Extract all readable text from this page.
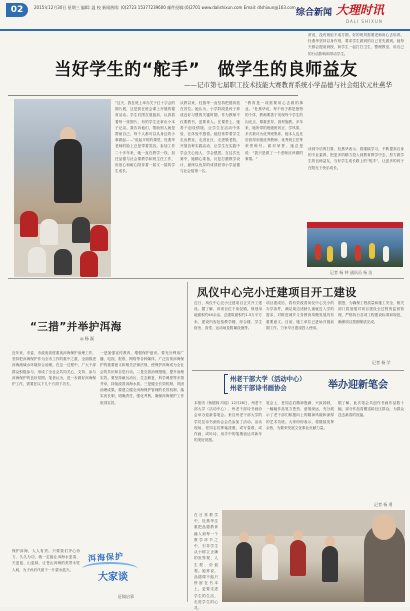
02	2015年12月30日 星期三 编辑: 温 校 新闻热线: (0)2723 15377239600 邮件投稿:(0)2701 www.dalishixun.com Email: dlshixun@163.com
综合新闻 大理时讯
DALI SHIXUN
当好学生的“舵手”　做学生的良师益友
——记市第七届职工技术技能大赛教育系统小学品德与社会组状元杜燕华
“这天，我在班上举办关于红十字会的图片展，这是我在班会课上开展的德育活动。学生们围在展板前，认真看着每一张图片，有的学生还拿出小本子记录。我告诉他们，帮助别人就是帮助自己，每个人都可以从身边的小事做起……”说起平时的课堂，杜燕华老师的脸上总是带着笑容。参加工作二十多年来，她一直在教学一线，担任品德与社会课教学和班主任工作，用爱心和耐心陪伴着一届又一届的学生成长。
从教以来，杜燕华一直坚持把德育放在首位。她认为，小学阶段是孩子养成良好习惯的关键时期，作为教师不仅要教书，更要育人。在课堂上，她善于创设情境，让学生在活动中体验、在体验中感悟。她经常带着学生走出教室，走进社区、走进敬老院，开展各种实践活动，让学生在实践中学会关心他人、学会感恩。在这次比赛中，她精心准备，反复打磨教学设计，最终以优异的成绩获得小学品德与社会组第一名。
“教育是一项需要用心去做的事业。”杜燕华说，每个孩子都是独特的个体，教师要善于发现每个学生的闪光点，尊重差异，因材施教。多年来，她所带的班级班风正、学风浓，多次被评为优秀班集体，她本人也先后获得市级优秀教师、优秀班主任等荣誉称号。面对荣誉，她总是说：“我只是做了一个老师应该做的事情。”
常说，没有规矩不成方圆，好的班风需要老师用心去培养。杜燕华坚持以身作则，要求学生做到的自己首先做到。她每天都会提前到校，和学生一起打扫卫生、整理教室，用自己的行动影响和带动学生。
谈到今后的打算，杜燕华表示，将继续学习，不断提高自身的专业素养，把更多的精力投入到教育教学中去，努力做学生的良师益友，当好学生成长路上的“舵手”，让更多的孩子在阳光下快乐成长。
记者 杨 钟 通讯员 杨 洁
“三措”并举护洱海
◎ 杨 磊
近年来，市委、市政府高度重视洱海保护治理工作，坚持把洱海保护作为全市工作的重中之重，全面推进洱海流域水环境综合治理。在这一过程中，广大干部群众积极参与，形成了全社会共同关心、支持、参与洱海保护的良好氛围。笔者认为，进一步做好洱海保护工作，需要在以下几个方面下功夫。
一是加强宣传教育，增强保护意识。要充分利用广播、电视、报纸、网络等各种媒体，广泛宣传洱海保护的重要意义和相关法律法规，使保护洱海成为全社会的共识和自觉行动。二是完善治理措施，提升治理实效。要坚持截污治污、生态修复、科学调度等多措并举，持续改善洱海水质。三是健全长效机制，巩固治理成果。要建立健全洱海保护管理的长效机制，落实河长制，明确责任，强化考核，确保洱海保护工作取得实效。
保护洱海，人人有责。只要我们齐心协力、久久为功，就一定能让洱海水更清、天更蓝、山更绿，让苍山洱海的美景永驻人间，为子孙后代留下一片碧水蓝天。
洱海保护
大家谈
征稿启事
凤仪中心完小迁建项目开工建设
近日，凤仪中心完小迁建项目正式开工建设。据了解，该项目位于凤仪镇，规划用地面积约40余亩，总建筑面积约1.5万平方米，建设内容包括教学楼、综合楼、学生宿舍、食堂、运动场及附属设施等。
项目建成后，将有效改善凤仪中心完小的办学条件，满足周边适龄儿童就近入学的需求，对推进城乡义务教育均衡发展具有重要意义。目前，施工单位已进场开展前期工作，力争早日建成投入使用。
据悉，为确保工程质量和施工安全，相关部门将加强对项目建设全过程的监督管理，严格执行各项工程建设标准和规范，确保项目按期保质完成。
记者 杨 学
州老干部大学（活动中心）
州老干部诗书画协会	举办迎新笔会
本报讯（杨德林 冯瑶）12月28日，州老干部大学（活动中心）、州老干部诗书画协会举办迎新春笔会。来自州老干部大学的学员及诗书画协会会员参加了活动。活动现场，老同志们挥毫泼墨，或写春联，或作画，或吟诗，用手中的笔墨表达对新年的美好祝愿。
笔会上，老同志们精神饱满，兴致勃勃，一幅幅作品笔力苍劲、意境深远，充分展示了老干部们积极向上的精神风貌和深厚的艺术功底。大家纷纷表示，将继续发挥余热，为繁荣发展文化事业贡献力量。
据了解，此次笔会共创作书画作品数十幅，部分作品将赠送给社区群众，为群众送去新春的祝福。
记者 杨 勇
在日常教学中，杜燕华注重把品德教育融入到每一个教学环节之中，引导学生从小树立正确的世界观、人生观、价值观。她常说，品德课不能只停留在书本上，更要走进学生的生活，走进学生的心灵。
